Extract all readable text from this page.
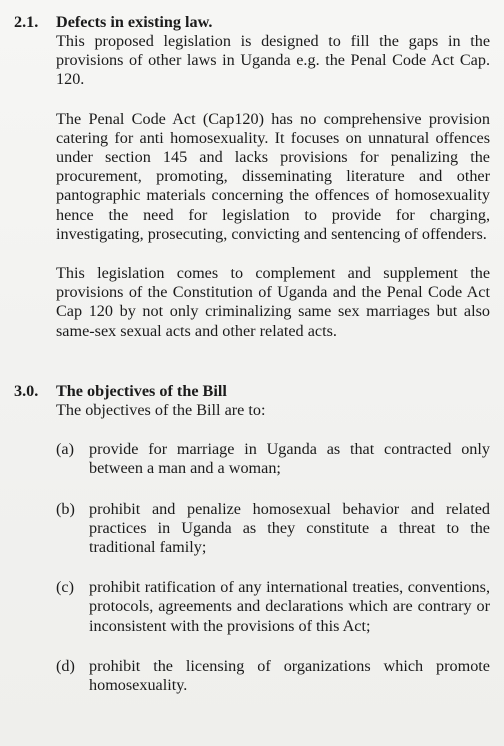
2.1.	Defects in existing law.

This proposed legislation is designed to fill the gaps in the provisions of other laws in Uganda e.g. the Penal Code Act Cap. 120.

The Penal Code Act (Cap120) has no comprehensive provision catering for anti homosexuality. It focuses on unnatural offences under section 145 and lacks provisions for penalizing the procurement, promoting, disseminating literature and other pantographic materials concerning the offences of homosexuality hence the need for legislation to provide for charging, investigating, prosecuting, convicting and sentencing of offenders.

This legislation comes to complement and supplement the provisions of the Constitution of Uganda and the Penal Code Act Cap 120 by not only criminalizing same sex marriages but also same-sex sexual acts and other related acts.

3.0.	The objectives of the Bill

The objectives of the Bill are to:

(a) provide for marriage in Uganda as that contracted only between a man and a woman;
(b) prohibit and penalize homosexual behavior and related practices in Uganda as they constitute a threat to the traditional family;
(c) prohibit ratification of any international treaties, conventions, protocols, agreements and declarations which are contrary or inconsistent with the provisions of this Act;
(d) prohibit the licensing of organizations which promote homosexuality.
